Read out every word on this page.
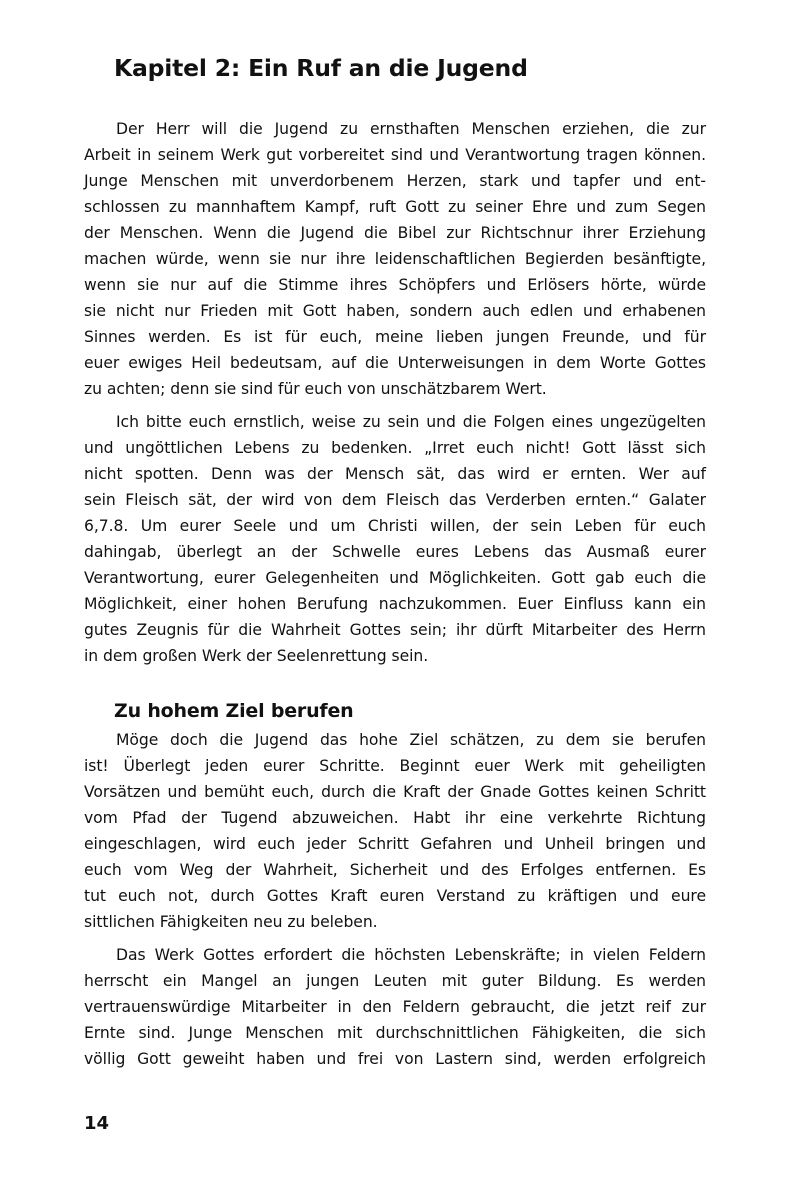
Kapitel 2: Ein Ruf an die Jugend

Der Herr will die Jugend zu ernsthaften Menschen erziehen, die zur
Arbeit in seinem Werk gut vorbereitet sind und Verantwortung tragen können.
Junge Menschen mit unverdorbenem Herzen, stark und tapfer und ent-
schlossen zu mannhaftem Kampf, ruft Gott zu seiner Ehre und zum Segen
der Menschen. Wenn die Jugend die Bibel zur Richtschnur ihrer Erziehung
machen würde, wenn sie nur ihre leidenschaftlichen Begierden besänftigte,
wenn sie nur auf die Stimme ihres Schöpfers und Erlösers hörte, würde
sie nicht nur Frieden mit Gott haben, sondern auch edlen und erhabenen
Sinnes werden. Es ist für euch, meine lieben jungen Freunde, und für
euer ewiges Heil bedeutsam, auf die Unterweisungen in dem Worte Gottes
zu achten; denn sie sind für euch von unschätzbarem Wert.

Ich bitte euch ernstlich, weise zu sein und die Folgen eines ungezügelten
und ungöttlichen Lebens zu bedenken. „Irret euch nicht! Gott lässt sich
nicht spotten. Denn was der Mensch sät, das wird er ernten. Wer auf
sein Fleisch sät, der wird von dem Fleisch das Verderben ernten.“ Galater
6,7.8. Um eurer Seele und um Christi willen, der sein Leben für euch
dahingab, überlegt an der Schwelle eures Lebens das Ausmaß eurer
Verantwortung, eurer Gelegenheiten und Möglichkeiten. Gott gab euch die
Möglichkeit, einer hohen Berufung nachzukommen. Euer Einfluss kann ein
gutes Zeugnis für die Wahrheit Gottes sein; ihr dürft Mitarbeiter des Herrn
in dem großen Werk der Seelenrettung sein.

Zu hohem Ziel berufen

Möge doch die Jugend das hohe Ziel schätzen, zu dem sie berufen
ist! Überlegt jeden eurer Schritte. Beginnt euer Werk mit geheiligten
Vorsätzen und bemüht euch, durch die Kraft der Gnade Gottes keinen Schritt
vom Pfad der Tugend abzuweichen. Habt ihr eine verkehrte Richtung
eingeschlagen, wird euch jeder Schritt Gefahren und Unheil bringen und
euch vom Weg der Wahrheit, Sicherheit und des Erfolges entfernen. Es
tut euch not, durch Gottes Kraft euren Verstand zu kräftigen und eure
sittlichen Fähigkeiten neu zu beleben.

Das Werk Gottes erfordert die höchsten Lebenskräfte; in vielen Feldern
herrscht ein Mangel an jungen Leuten mit guter Bildung. Es werden
vertrauenswürdige Mitarbeiter in den Feldern gebraucht, die jetzt reif zur
Ernte sind. Junge Menschen mit durchschnittlichen Fähigkeiten, die sich
völlig Gott geweiht haben und frei von Lastern sind, werden erfolgreich

14
